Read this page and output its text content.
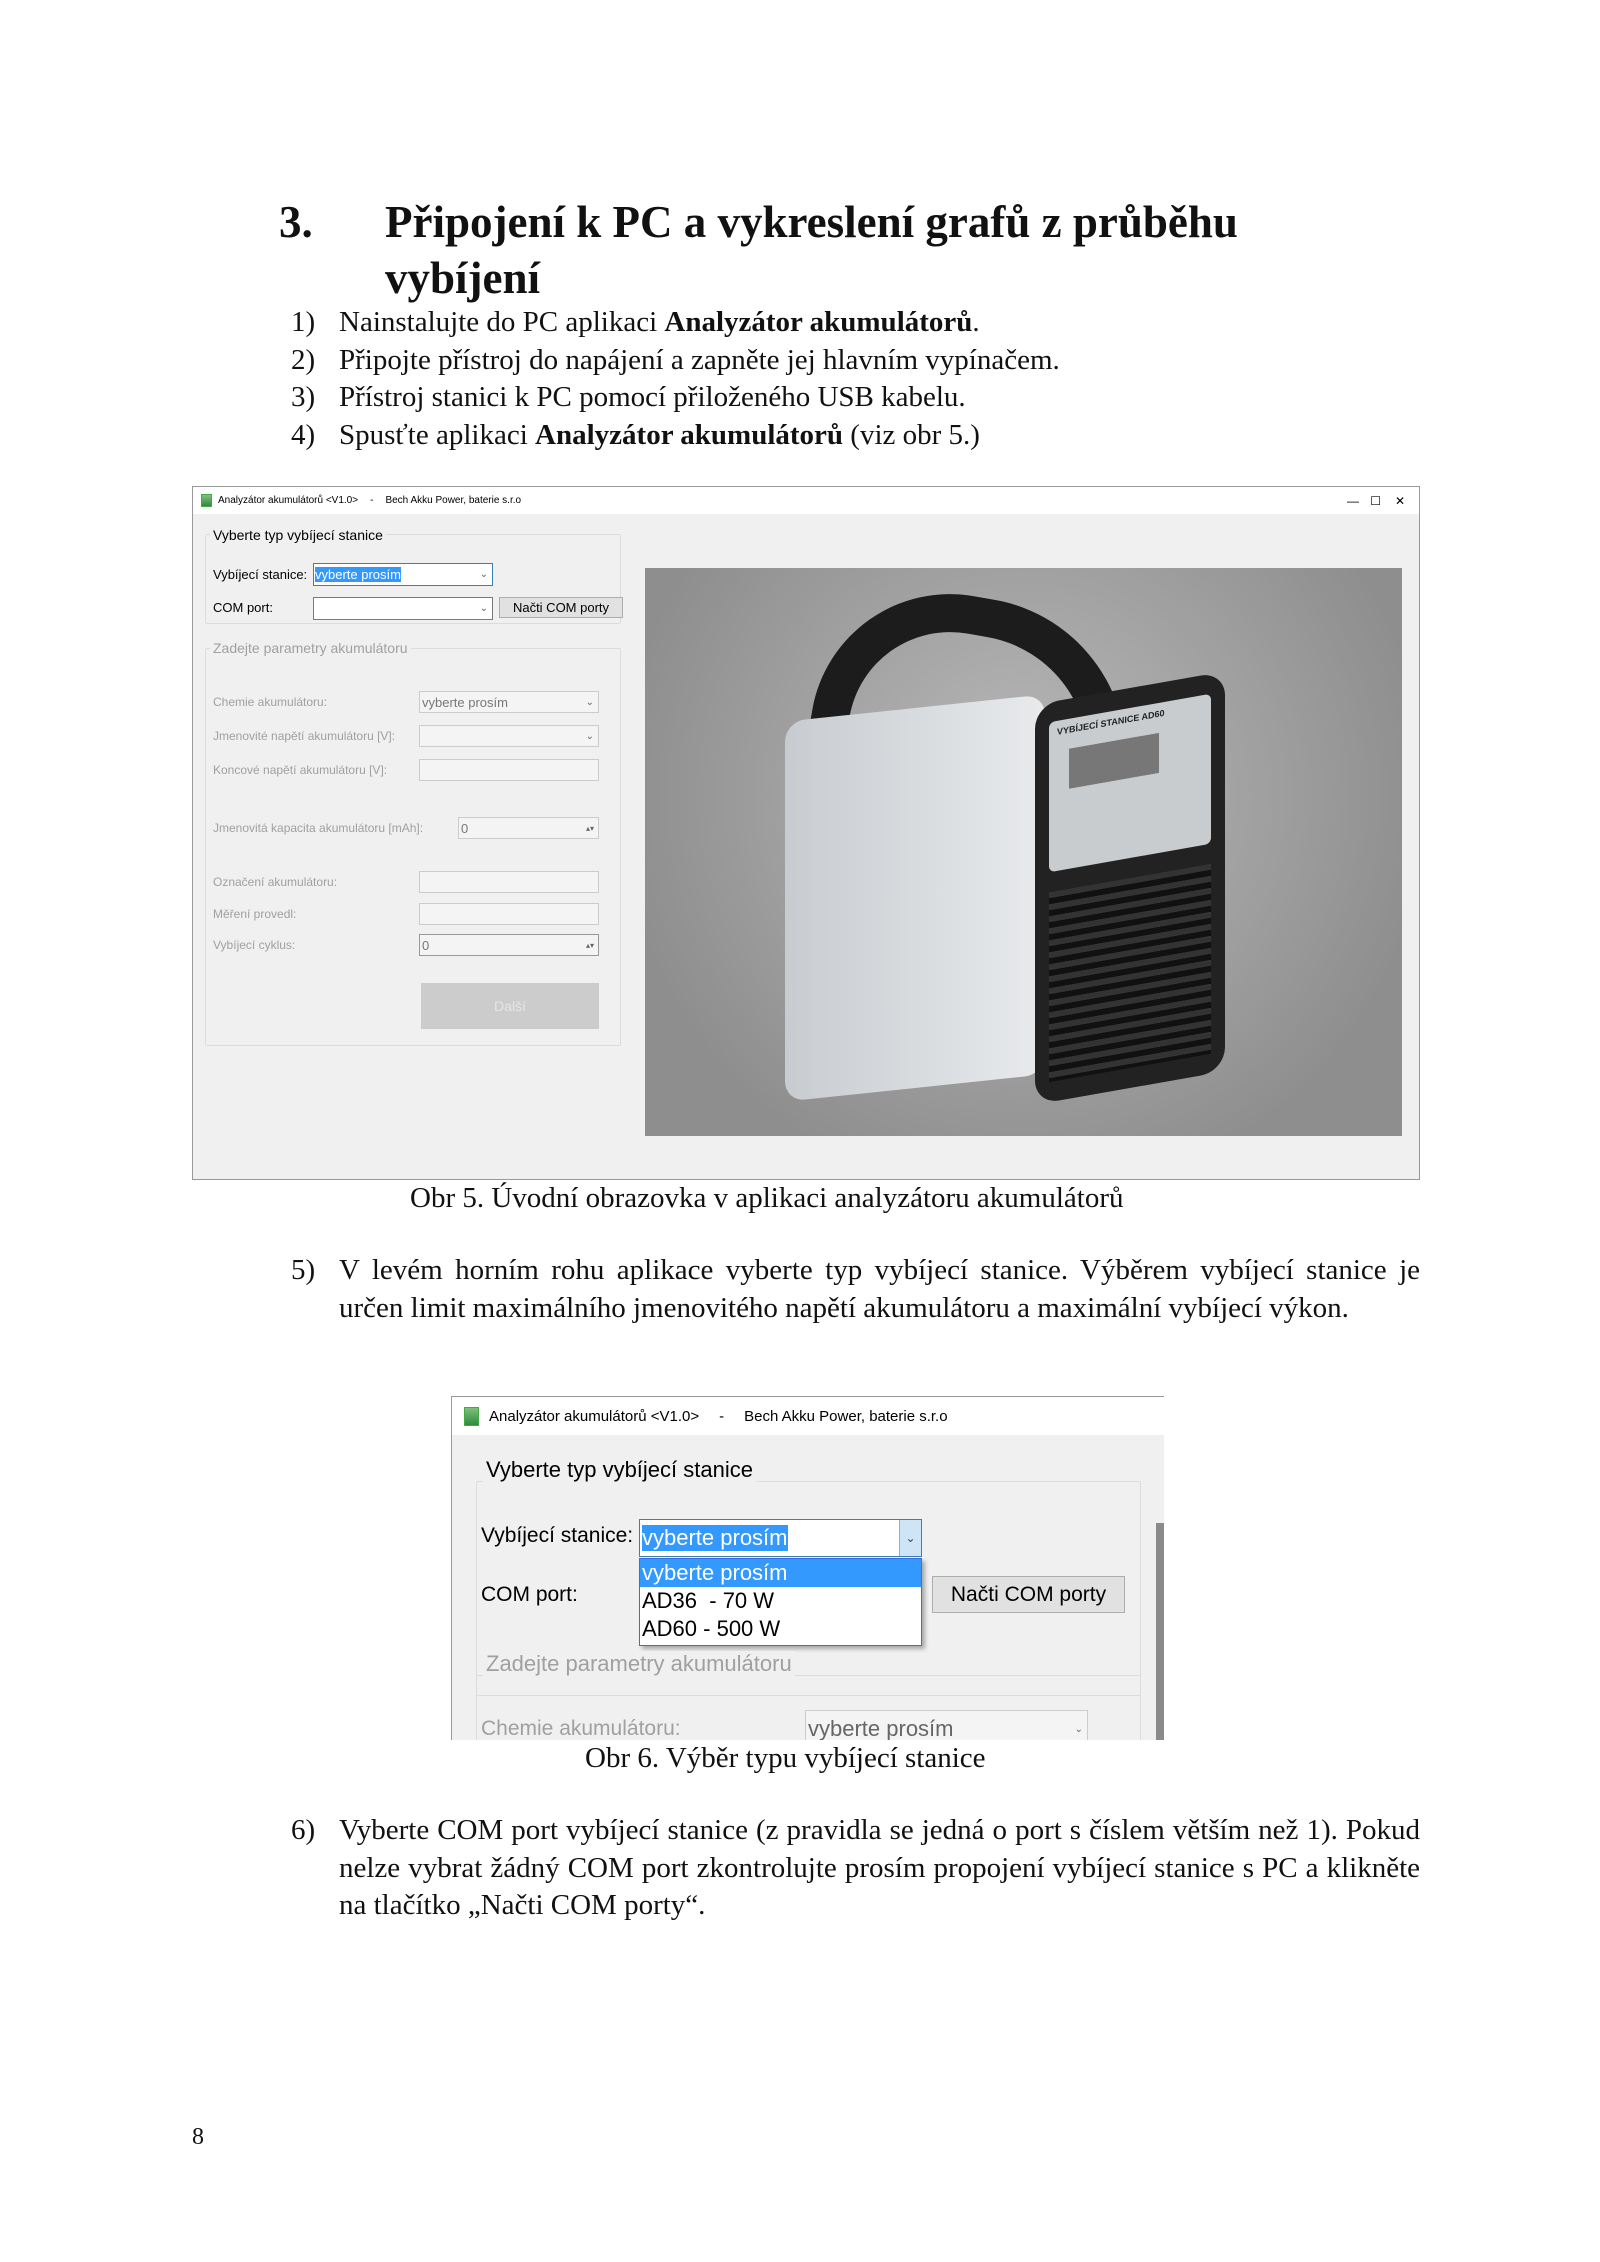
3. Připojení k PC a vykreslení grafů z průběhu
vybíjení
1) Nainstalujte do PC aplikaci Analyzátor akumulátorů.
2) Připojte přístroj do napájení a zapněte jej hlavním vypínačem.
3) Přístroj stanici k PC pomocí přiloženého USB kabelu.
4) Spusťte aplikaci Analyzátor akumulátorů (viz obr 5.)
Analyzátor akumulátorů <V1.0> - Bech Akku Power, baterie s.r.o	— ☐ ✕
Vyberte typ vybíjecí stanice
Vybíjecí stanice: vyberte prosím	⌄
COM port:	⌄	Načti COM porty
Zadejte parametry akumulátoru
Chemie akumulátoru:	vyberte prosím	⌄
Jmenovité napětí akumulátoru [V]:	⌄
Koncové napětí akumulátoru [V]:
Jmenovitá kapacita akumulátoru [mAh]:	0	▴▾
Označení akumulátoru:
Měření provedl:
Vybíjecí cyklus:	0	▴▾
Další
VYBÍJECÍ STANICE AD60
Obr 5. Úvodní obrazovka v aplikaci analyzátoru akumulátorů
5) V levém horním rohu aplikace vyberte typ vybíjecí stanice. Výběrem vybíjecí stanice je určen limit maximálního jmenovitého napětí akumulátoru a maximální vybíjecí výkon.
Analyzátor akumulátorů <V1.0> - Bech Akku Power, baterie s.r.o
Vyberte typ vybíjecí stanice
Vybíjecí stanice: vyberte prosím	⌄
COM port:	Načti COM porty
vyberte prosím
AD36  - 70 W
AD60 - 500 W
Zadejte parametry akumulátoru
Chemie akumulátoru:	vyberte prosím	⌄
Obr 6. Výběr typu vybíjecí stanice
6) Vyberte COM port vybíjecí stanice (z pravidla se jedná o port s číslem větším než 1). Pokud nelze vybrat žádný COM port zkontrolujte prosím propojení vybíjecí stanice s PC a klikněte na tlačítko „Načti COM porty“.
8
